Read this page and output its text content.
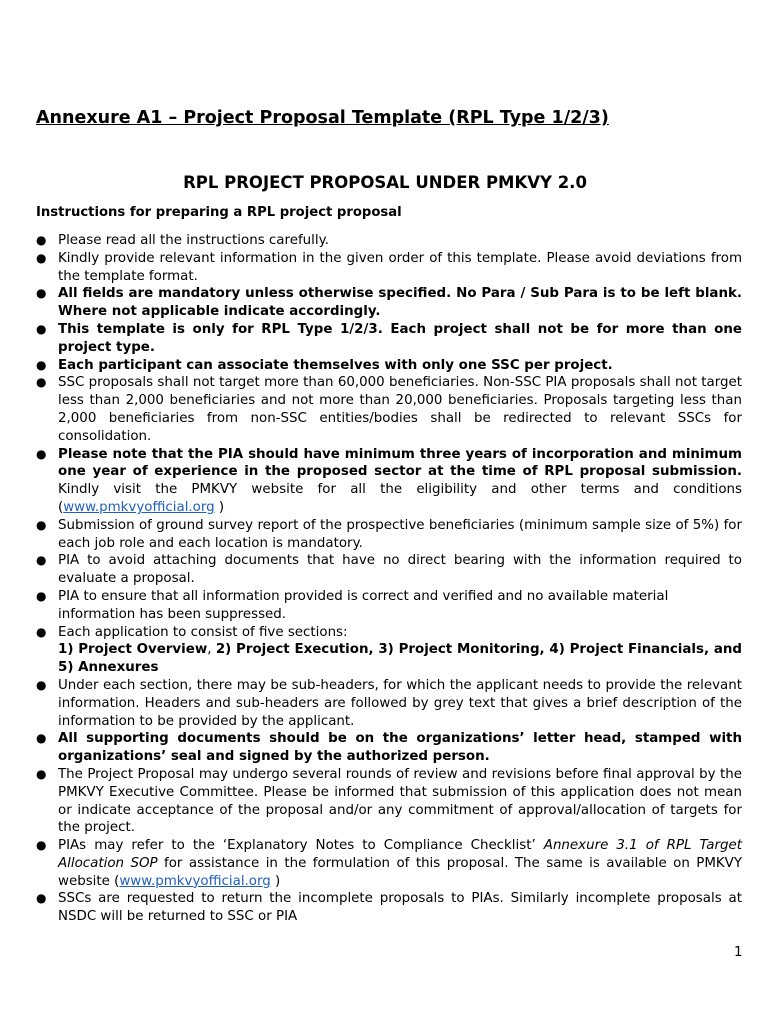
Annexure A1 – Project Proposal Template (RPL Type 1/2/3)
RPL PROJECT PROPOSAL UNDER PMKVY 2.0
Instructions for preparing a RPL project proposal
● Please read all the instructions carefully.
● Kindly provide relevant information in the given order of this template. Please avoid deviations from the template format.
● All fields are mandatory unless otherwise specified. No Para / Sub Para is to be left blank. Where not applicable indicate accordingly.
● This template is only for RPL Type 1/2/3. Each project shall not be for more than one project type.
● Each participant can associate themselves with only one SSC per project.
● SSC proposals shall not target more than 60,000 beneficiaries. Non-SSC PIA proposals shall not target less than 2,000 beneficiaries and not more than 20,000 beneficiaries. Proposals targeting less than 2,000 beneficiaries from non-SSC entities/bodies shall be redirected to relevant SSCs for consolidation.
● Please note that the PIA should have minimum three years of incorporation and minimum one year of experience in the proposed sector at the time of RPL proposal submission. Kindly visit the PMKVY website for all the eligibility and other terms and conditions (www.pmkvyofficial.org )
● Submission of ground survey report of the prospective beneficiaries (minimum sample size of 5%) for each job role and each location is mandatory.
● PIA to avoid attaching documents that have no direct bearing with the information required to evaluate a proposal.
● PIA to ensure that all information provided is correct and verified and no available material information has been suppressed.
● Each application to consist of five sections:
1) Project Overview, 2) Project Execution, 3) Project Monitoring, 4) Project Financials, and 5) Annexures
● Under each section, there may be sub-headers, for which the applicant needs to provide the relevant information. Headers and sub-headers are followed by grey text that gives a brief description of the information to be provided by the applicant.
● All supporting documents should be on the organizations’ letter head, stamped with organizations’ seal and signed by the authorized person.
● The Project Proposal may undergo several rounds of review and revisions before final approval by the PMKVY Executive Committee. Please be informed that submission of this application does not mean or indicate acceptance of the proposal and/or any commitment of approval/allocation of targets for the project.
● PIAs may refer to the ‘Explanatory Notes to Compliance Checklist’ Annexure 3.1 of RPL Target Allocation SOP for assistance in the formulation of this proposal. The same is available on PMKVY website (www.pmkvyofficial.org )
● SSCs are requested to return the incomplete proposals to PIAs. Similarly incomplete proposals at NSDC will be returned to SSC or PIA

1
